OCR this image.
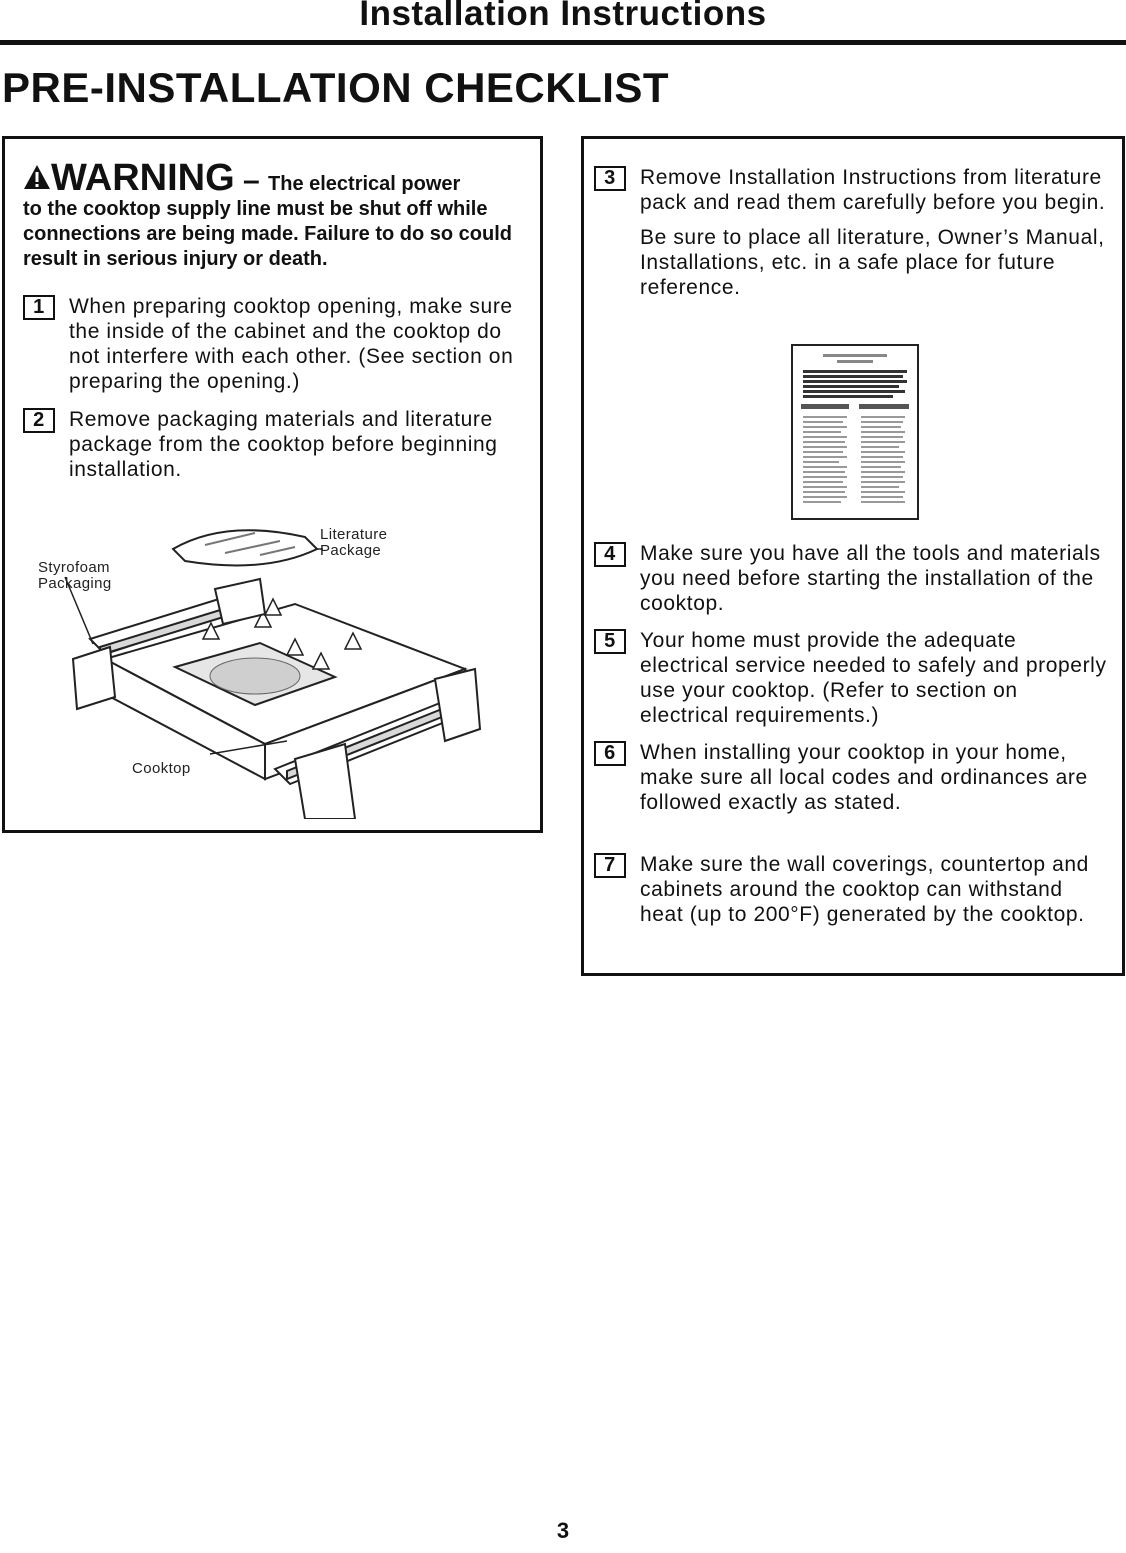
Installation Instructions
PRE-INSTALLATION CHECKLIST
WARNING – The electrical power
to the cooktop supply line must be shut off while connections are being made. Failure to do so could result in serious injury or death.
1	When preparing cooktop opening, make sure the inside of the cabinet and the cooktop do not interfere with each other. (See section on preparing the opening.)

2	Remove packaging materials and literature package from the cooktop before beginning installation.

Literature
Package
Styrofoam
Packaging
Cooktop
3	Remove Installation Instructions from literature pack and read them carefully before you begin.

Be sure to place all literature, Owner’s Manual, Installations, etc. in a safe place for future reference.

4	Make sure you have all the tools and materials you need before starting the installation of the cooktop.

5	Your home must provide the adequate electrical service needed to safely and properly use your cooktop. (Refer to section on electrical requirements.)

6	When installing your cooktop in your home, make sure all local codes and ordinances are followed exactly as stated.

7	Make sure the wall coverings, countertop and cabinets around the cooktop can withstand heat (up to 200°F) generated by the cooktop.

3
